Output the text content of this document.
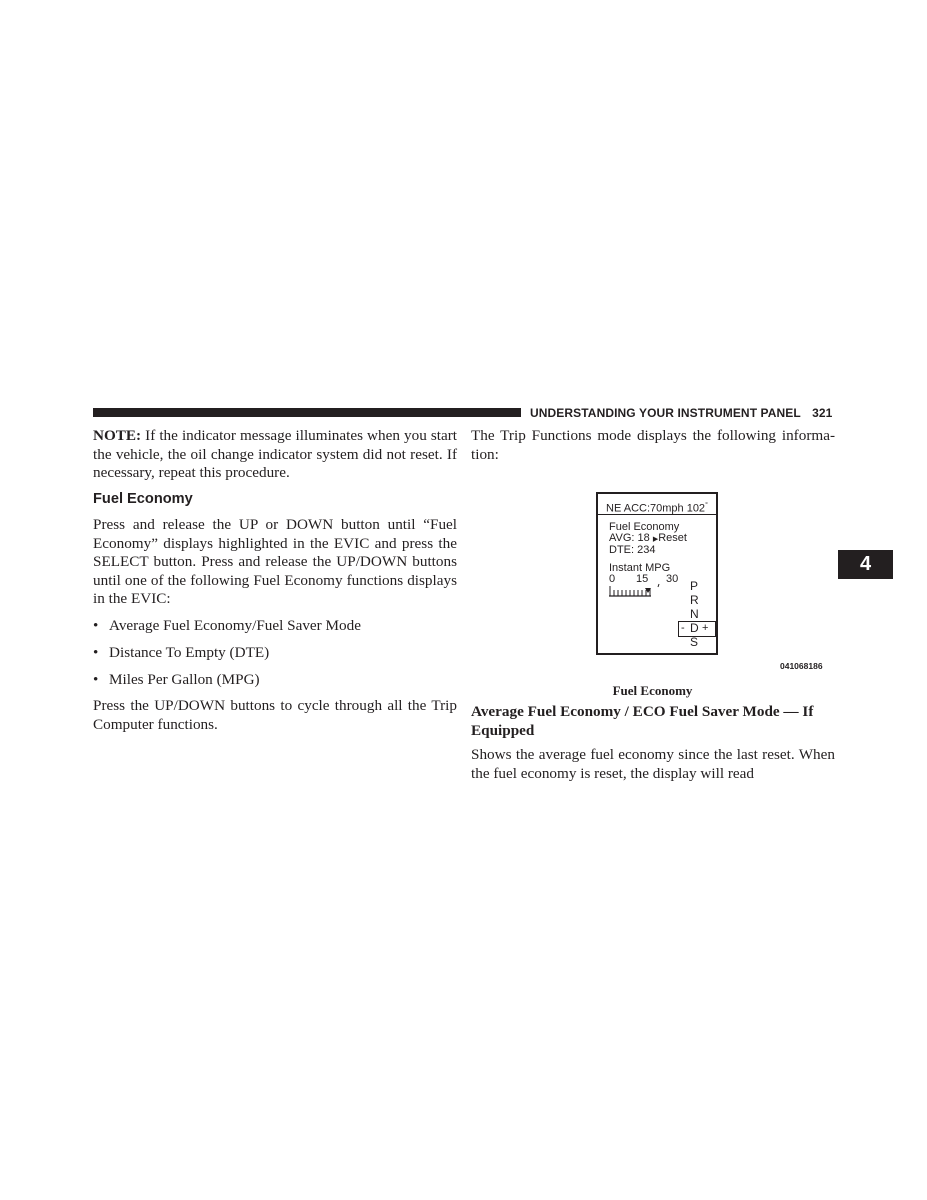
UNDERSTANDING YOUR INSTRUMENT PANEL 321
4
NOTE: If the indicator message illuminates when you start the vehicle, the oil change indicator system did not reset. If necessary, repeat this procedure.
Fuel Economy
Press and release the UP or DOWN button until “Fuel Economy” displays highlighted in the EVIC and press the SELECT button. Press and release the UP/DOWN buttons until one of the following Fuel Economy functions displays in the EVIC:
• Average Fuel Economy/Fuel Saver Mode
• Distance To Empty (DTE)
• Miles Per Gallon (MPG)
Press the UP/DOWN buttons to cycle through all the Trip Computer functions.
The Trip Functions mode displays the following information:
NE ACC:70mph 102°
Fuel Economy
AVG: 18 ▶Reset
DTE: 234
Instant MPG
0 15 30 P
R
N
- D +
S
041068186
Fuel Economy
Average Fuel Economy / ECO Fuel Saver Mode — If Equipped
Shows the average fuel economy since the last reset. When the fuel economy is reset, the display will read
